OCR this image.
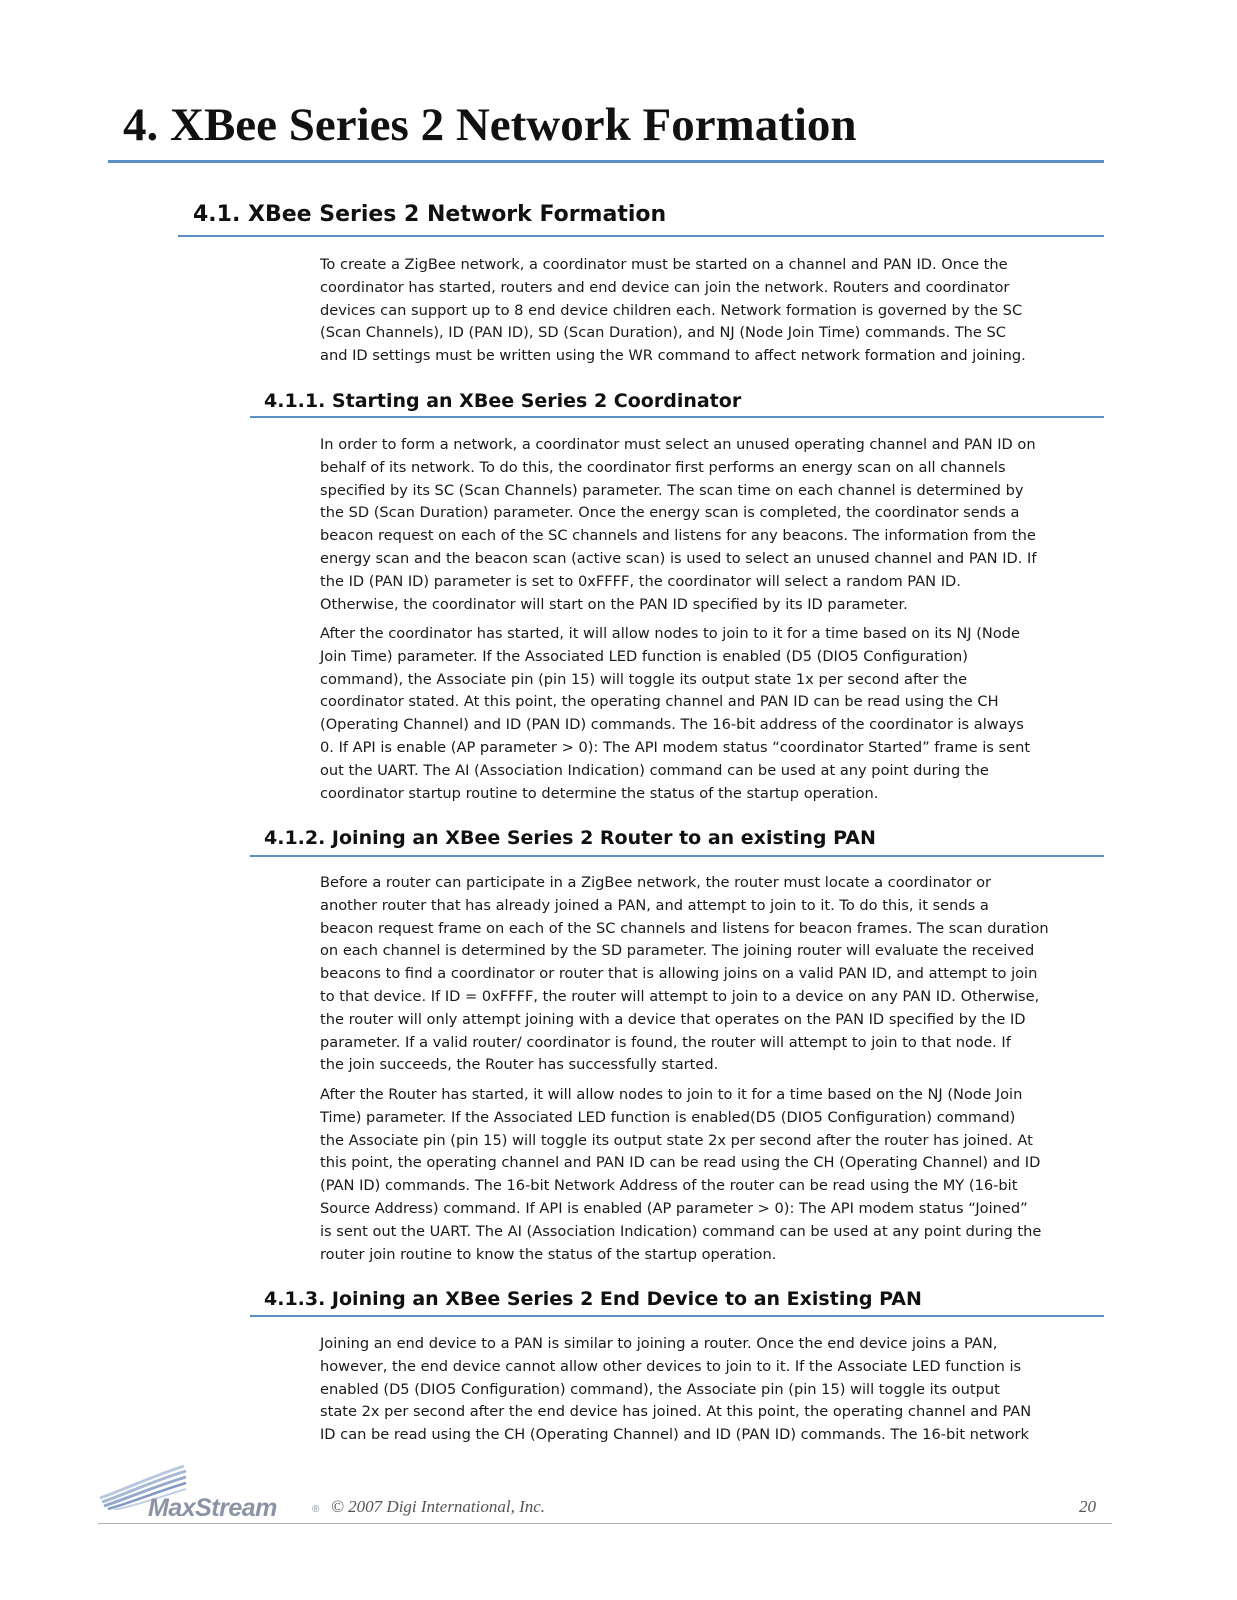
4. XBee Series 2 Network Formation
4.1. XBee Series 2 Network Formation
To create a ZigBee network, a coordinator must be started on a channel and PAN ID. Once the
coordinator has started, routers and end device can join the network. Routers and coordinator
devices can support up to 8 end device children each. Network formation is governed by the SC
(Scan Channels), ID (PAN ID), SD (Scan Duration), and NJ (Node Join Time) commands. The SC
and ID settings must be written using the WR command to affect network formation and joining.
4.1.1. Starting an XBee Series 2 Coordinator
In order to form a network, a coordinator must select an unused operating channel and PAN ID on
behalf of its network. To do this, the coordinator first performs an energy scan on all channels
specified by its SC (Scan Channels) parameter. The scan time on each channel is determined by
the SD (Scan Duration) parameter. Once the energy scan is completed, the coordinator sends a
beacon request on each of the SC channels and listens for any beacons. The information from the
energy scan and the beacon scan (active scan) is used to select an unused channel and PAN ID. If
the ID (PAN ID) parameter is set to 0xFFFF, the coordinator will select a random PAN ID.
Otherwise, the coordinator will start on the PAN ID specified by its ID parameter.
After the coordinator has started, it will allow nodes to join to it for a time based on its NJ (Node
Join Time) parameter. If the Associated LED function is enabled (D5 (DIO5 Configuration)
command), the Associate pin (pin 15) will toggle its output state 1x per second after the
coordinator stated. At this point, the operating channel and PAN ID can be read using the CH
(Operating Channel) and ID (PAN ID) commands. The 16-bit address of the coordinator is always
0. If API is enable (AP parameter > 0): The API modem status “coordinator Started” frame is sent
out the UART. The AI (Association Indication) command can be used at any point during the
coordinator startup routine to determine the status of the startup operation.
4.1.2. Joining an XBee Series 2 Router to an existing PAN
Before a router can participate in a ZigBee network, the router must locate a coordinator or
another router that has already joined a PAN, and attempt to join to it. To do this, it sends a
beacon request frame on each of the SC channels and listens for beacon frames. The scan duration
on each channel is determined by the SD parameter. The joining router will evaluate the received
beacons to find a coordinator or router that is allowing joins on a valid PAN ID, and attempt to join
to that device. If ID = 0xFFFF, the router will attempt to join to a device on any PAN ID. Otherwise,
the router will only attempt joining with a device that operates on the PAN ID specified by the ID
parameter. If a valid router/ coordinator is found, the router will attempt to join to that node. If
the join succeeds, the Router has successfully started.
After the Router has started, it will allow nodes to join to it for a time based on the NJ (Node Join
Time) parameter. If the Associated LED function is enabled(D5 (DIO5 Configuration) command)
the Associate pin (pin 15) will toggle its output state 2x per second after the router has joined. At
this point, the operating channel and PAN ID can be read using the CH (Operating Channel) and ID
(PAN ID) commands. The 16-bit Network Address of the router can be read using the MY (16-bit
Source Address) command. If API is enabled (AP parameter > 0): The API modem status “Joined”
is sent out the UART. The AI (Association Indication) command can be used at any point during the
router join routine to know the status of the startup operation.
4.1.3. Joining an XBee Series 2 End Device to an Existing PAN
Joining an end device to a PAN is similar to joining a router. Once the end device joins a PAN,
however, the end device cannot allow other devices to join to it. If the Associate LED function is
enabled (D5 (DIO5 Configuration) command), the Associate pin (pin 15) will toggle its output
state 2x per second after the end device has joined. At this point, the operating channel and PAN
ID can be read using the CH (Operating Channel) and ID (PAN ID) commands. The 16-bit network
MaxStream	® © 2007 Digi International, Inc.	20
